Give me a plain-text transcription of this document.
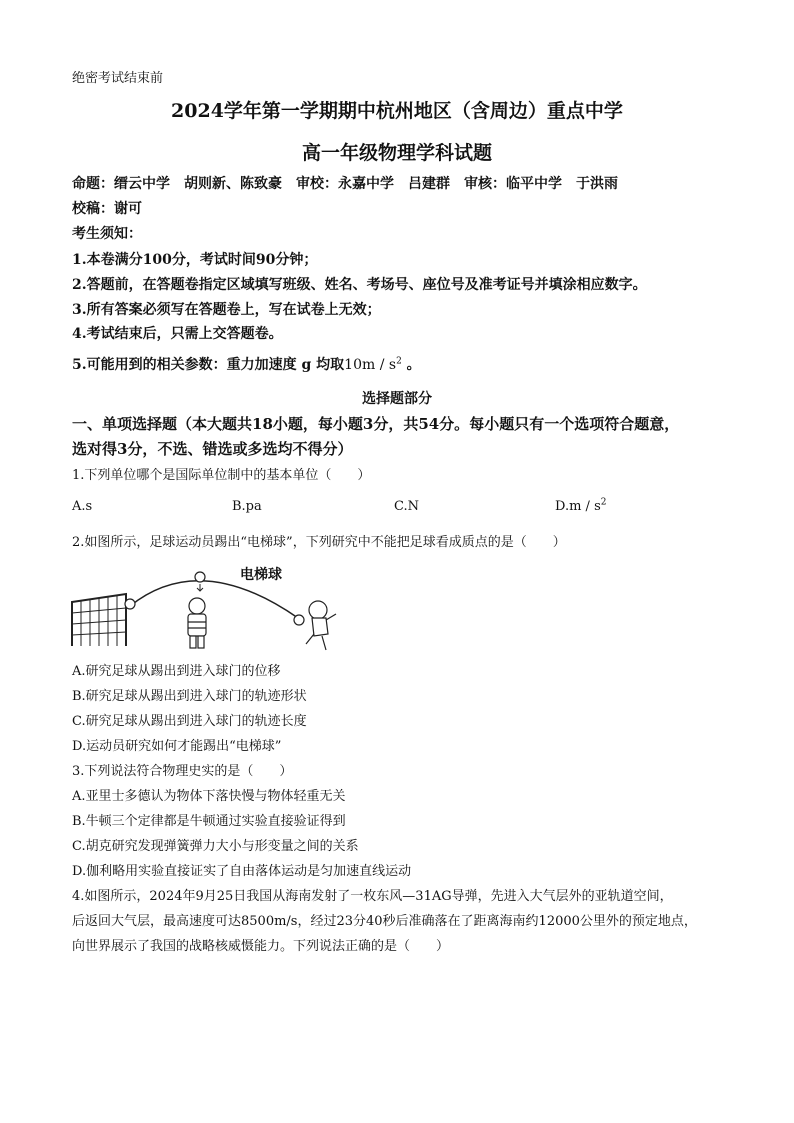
绝密考试结束前
2024学年第一学期期中杭州地区（含周边）重点中学
高一年级物理学科试题
命题：缙云中学　胡则新、陈致豪　审校：永嘉中学　吕建群　审核：临平中学　于洪雨
校稿：谢可
考生须知：
1.本卷满分100分，考试时间90分钟；
2.答题前，在答题卷指定区域填写班级、姓名、考场号、座位号及准考证号并填涂相应数字。
3.所有答案必须写在答题卷上，写在试卷上无效；
4.考试结束后，只需上交答题卷。
5.可能用到的相关参数：重力加速度 g 均取$10m / s^2$ 。
选择题部分
一、单项选择题（本大题共18小题，每小题3分，共54分。每小题只有一个选项符合题意，
选对得3分，不选、错选或多选均不得分）
1.下列单位哪个是国际单位制中的基本单位（　　）
A.s	B.pa	C.N	$D.m / s^2$
2.如图所示，足球运动员踢出“电梯球”，下列研究中不能把足球看成质点的是（　　）
电梯球
A.研究足球从踢出到进入球门的位移
B.研究足球从踢出到进入球门的轨迹形状
C.研究足球从踢出到进入球门的轨迹长度
D.运动员研究如何才能踢出“电梯球”
3.下列说法符合物理史实的是（　　）
A.亚里士多德认为物体下落快慢与物体轻重无关
B.牛顿三个定律都是牛顿通过实验直接验证得到
C.胡克研究发现弹簧弹力大小与形变量之间的关系
D.伽利略用实验直接证实了自由落体运动是匀加速直线运动
4.如图所示，2024年9月25日我国从海南发射了一枚东风—31AG导弹，先进入大气层外的亚轨道空间，
后返回大气层，最高速度可达8500m/s，经过23分40秒后准确落在了距离海南约12000公里外的预定地点，
向世界展示了我国的战略核威慑能力。下列说法正确的是（　　）
